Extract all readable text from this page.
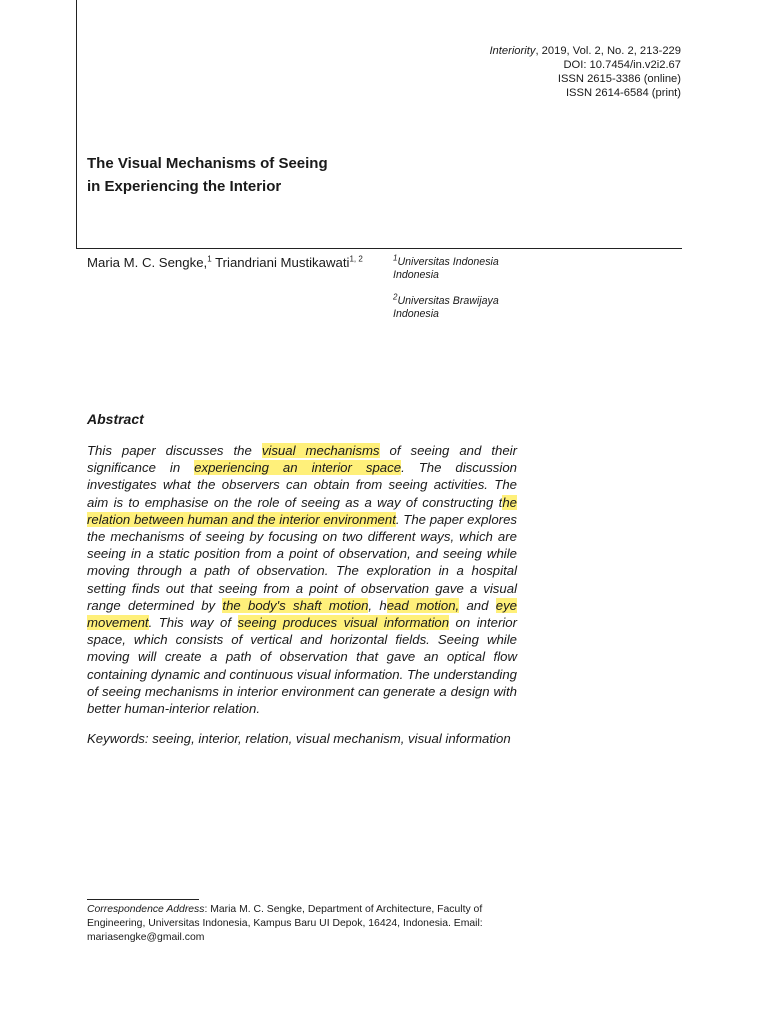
Interiority, 2019, Vol. 2, No. 2, 213-229
DOI: 10.7454/in.v2i2.67
ISSN 2615-3386 (online)
ISSN 2614-6584 (print)
The Visual Mechanisms of Seeing
in Experiencing the Interior
Maria M. C. Sengke,$^1$ Triandriani Mustikawati$^{1, 2}$	$^1$Universitas Indonesia
Indonesia
$^2$Universitas Brawijaya
Indonesia
Abstract

This paper discusses the visual mechanisms of seeing and their significance in experiencing an interior space. The discussion investigates what the observers can obtain from seeing activities. The aim is to emphasise on the role of seeing as a way of constructing the relation between human and the interior environment. The paper explores the mechanisms of seeing by focusing on two different ways, which are seeing in a static position from a point of observation, and seeing while moving through a path of observation. The exploration in a hospital setting finds out that seeing from a point of observation gave a visual range determined by the body's shaft motion, head motion, and eye movement. This way of seeing produces visual information on interior space, which consists of vertical and horizontal fields. Seeing while moving will create a path of observation that gave an optical flow containing dynamic and continuous visual information. The understanding of seeing mechanisms in interior environment can generate a design with better human-interior relation.

Keywords: seeing, interior, relation, visual mechanism, visual information

Correspondence Address: Maria M. C. Sengke, Department of Architecture, Faculty of Engineering, Universitas Indonesia, Kampus Baru UI Depok, 16424, Indonesia. Email: mariasengke@gmail.com
